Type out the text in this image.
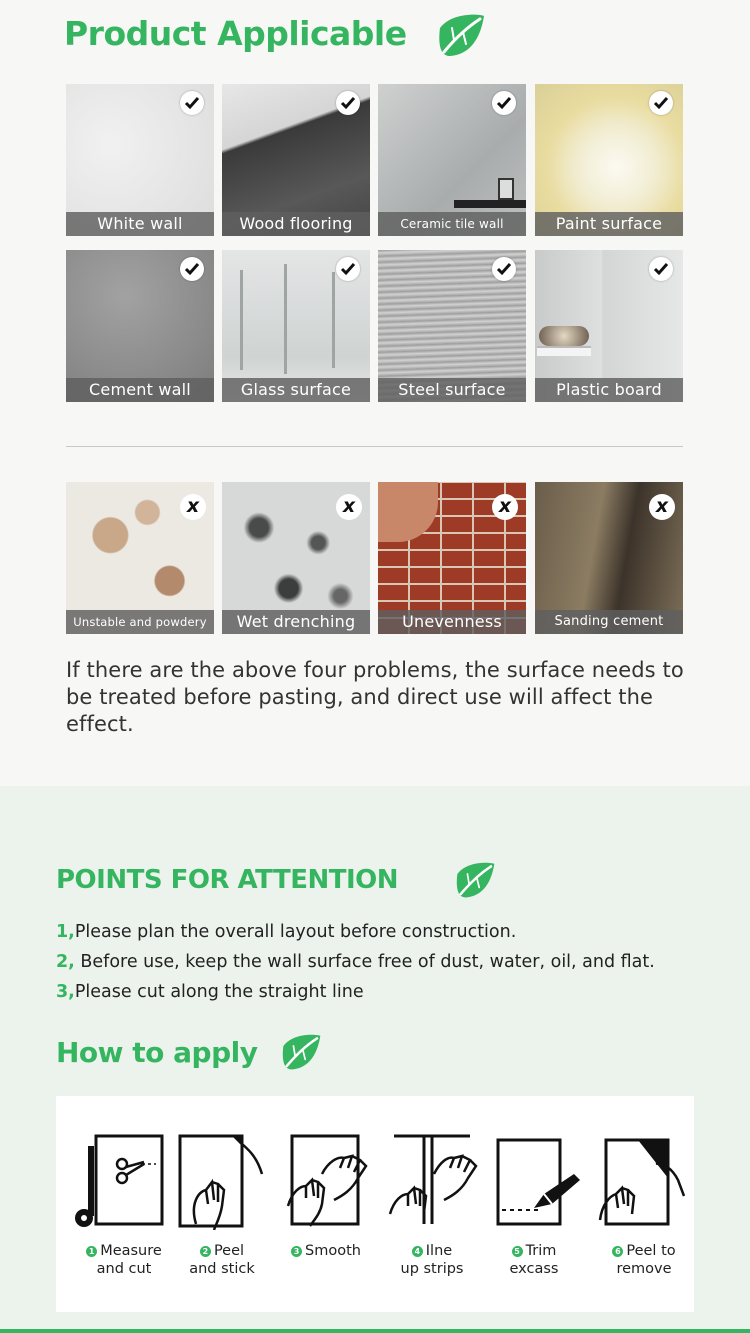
Product Applicable
White wall	Wood flooring	Ceramic tile wall	Paint surface
Cement wall	Glass surface	Steel surface	Plastic board
x
Unstable and powdery
x
Wet drenching
x
Unevenness
x
Sanding cement

If there are the above four problems, the surface needs to be treated before pasting, and direct use will affect the effect.

POINTS FOR ATTENTION
1,Please plan the overall layout before construction.
2, Before use, keep the wall surface free of dust, water, oil, and flat.
3,Please cut along the straight line
How to apply
1 Measure
and cut
2 Peel
and stick
3 Smooth	4 Ilne
up strips
5 Trim
excass
6 Peel to
remove
